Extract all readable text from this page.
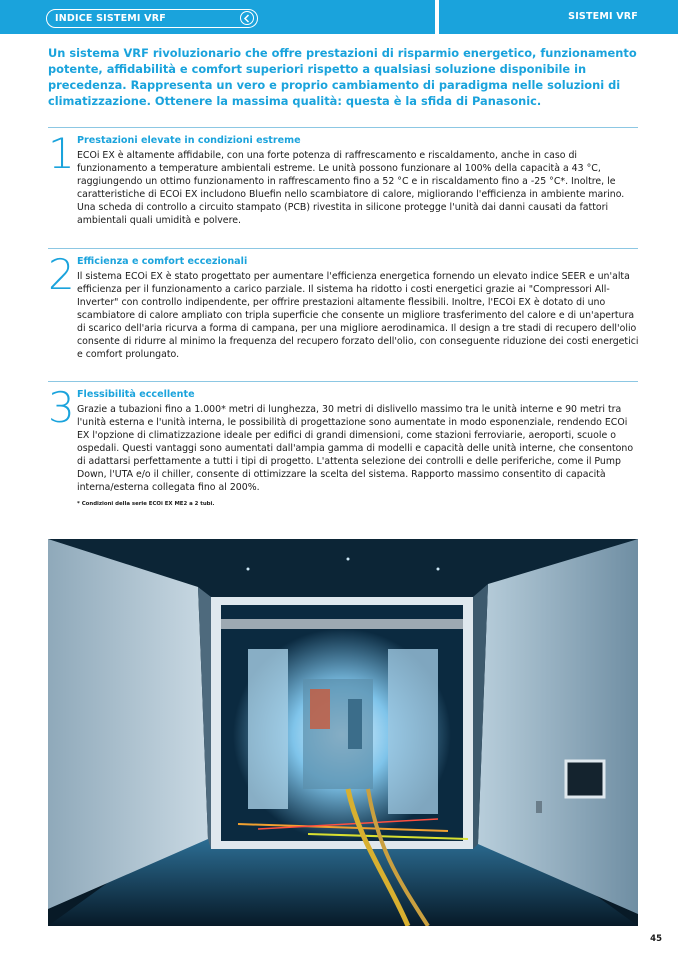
INDICE SISTEMI VRF	SISTEMI VRF

Un sistema VRF rivoluzionario che offre prestazioni di risparmio energetico, funzionamento potente, affidabilità e comfort superiori rispetto a qualsiasi soluzione disponibile in precedenza. Rappresenta un vero e proprio cambiamento di paradigma nelle soluzioni di climatizzazione. Ottenere la massima qualità: questa è la sfida di Panasonic.

1 Prestazioni elevate in condizioni estreme

ECOi EX è altamente affidabile, con una forte potenza di raffrescamento e riscaldamento, anche in caso di funzionamento a temperature ambientali estreme. Le unità possono funzionare al 100% della capacità a 43 °C, raggiungendo un ottimo funzionamento in raffrescamento fino a 52 °C e in riscaldamento fino a -25 °C*. Inoltre, le caratteristiche di ECOi EX includono Bluefin nello scambiatore di calore, migliorando l'efficienza in ambiente marino. Una scheda di controllo a circuito stampato (PCB) rivestita in silicone protegge l'unità dai danni causati da fattori ambientali quali umidità e polvere.

2 Efficienza e comfort eccezionali

Il sistema ECOi EX è stato progettato per aumentare l'efficienza energetica fornendo un elevato indice SEER e un'alta efficienza per il funzionamento a carico parziale. Il sistema ha ridotto i costi energetici grazie ai "Compressori All-Inverter" con controllo indipendente, per offrire prestazioni altamente flessibili. Inoltre, l'ECOi EX è dotato di uno scambiatore di calore ampliato con tripla superficie che consente un migliore trasferimento del calore e di un'apertura di scarico dell'aria ricurva a forma di campana, per una migliore aerodinamica. Il design a tre stadi di recupero dell'olio consente di ridurre al minimo la frequenza del recupero forzato dell'olio, con conseguente riduzione dei costi energetici e comfort prolungato.

3 Flessibilità eccellente

Grazie a tubazioni fino a 1.000* metri di lunghezza, 30 metri di dislivello massimo tra le unità interne e 90 metri tra l'unità esterna e l'unità interna, le possibilità di progettazione sono aumentate in modo esponenziale, rendendo ECOi EX l'opzione di climatizzazione ideale per edifici di grandi dimensioni, come stazioni ferroviarie, aeroporti, scuole o ospedali. Questi vantaggi sono aumentati dall'ampia gamma di modelli e capacità delle unità interne, che consentono di adattarsi perfettamente a tutti i tipi di progetto. L'attenta selezione dei controlli e delle periferiche, come il Pump Down, l'UTA e/o il chiller, consente di ottimizzare la scelta del sistema. Rapporto massimo consentito di capacità interna/esterna collegata fino al 200%.

* Condizioni della serie ECOi EX ME2 a 2 tubi.

45
